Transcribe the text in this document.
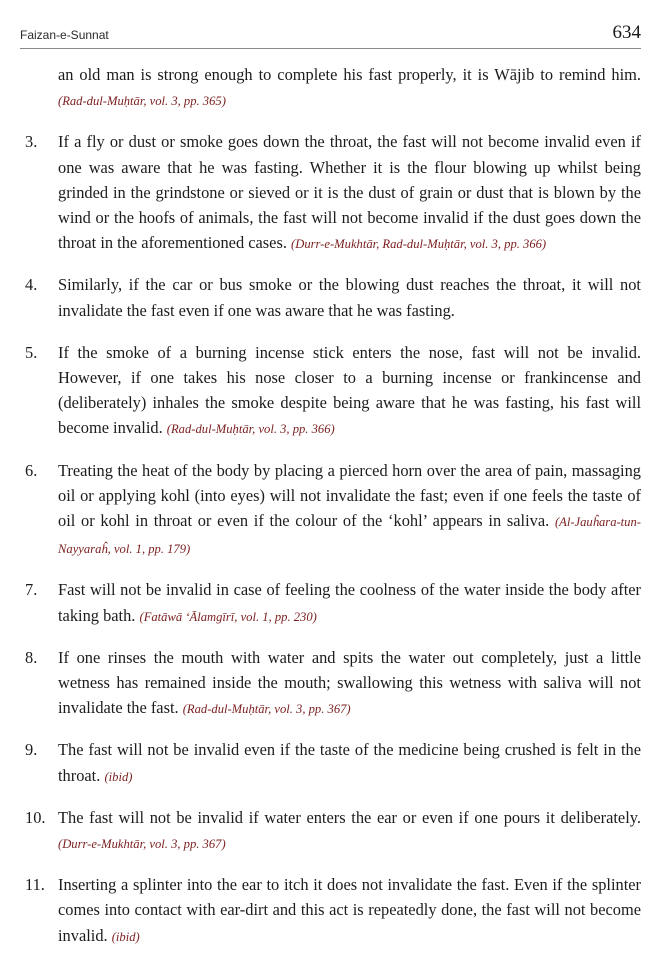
Faizan-e-Sunnat	634
an old man is strong enough to complete his fast properly, it is Wājib to remind him. (Rad-dul-Muḥtār, vol. 3, pp. 365)
3. If a fly or dust or smoke goes down the throat, the fast will not become invalid even if one was aware that he was fasting. Whether it is the flour blowing up whilst being grinded in the grindstone or sieved or it is the dust of grain or dust that is blown by the wind or the hoofs of animals, the fast will not become invalid if the dust goes down the throat in the aforementioned cases. (Durr-e-Mukhtār, Rad-dul-Muḥtār, vol. 3, pp. 366)
4. Similarly, if the car or bus smoke or the blowing dust reaches the throat, it will not invalidate the fast even if one was aware that he was fasting.
5. If the smoke of a burning incense stick enters the nose, fast will not be invalid. However, if one takes his nose closer to a burning incense or frankincense and (deliberately) inhales the smoke despite being aware that he was fasting, his fast will become invalid. (Rad-dul-Muḥtār, vol. 3, pp. 366)
6. Treating the heat of the body by placing a pierced horn over the area of pain, massaging oil or applying kohl (into eyes) will not invalidate the fast; even if one feels the taste of oil or kohl in throat or even if the colour of the ‘kohl’ appears in saliva. (Al-Jauĥara-tun-Nayyaraĥ, vol. 1, pp. 179)
7. Fast will not be invalid in case of feeling the coolness of the water inside the body after taking bath. (Fatāwā ‘Ālamgīrī, vol. 1, pp. 230)
8. If one rinses the mouth with water and spits the water out completely, just a little wetness has remained inside the mouth; swallowing this wetness with saliva will not invalidate the fast. (Rad-dul-Muḥtār, vol. 3, pp. 367)
9. The fast will not be invalid even if the taste of the medicine being crushed is felt in the throat. (ibid)
10. The fast will not be invalid if water enters the ear or even if one pours it deliberately. (Durr-e-Mukhtār, vol. 3, pp. 367)
11. Inserting a splinter into the ear to itch it does not invalidate the fast. Even if the splinter comes into contact with ear-dirt and this act is repeatedly done, the fast will not become invalid. (ibid)
